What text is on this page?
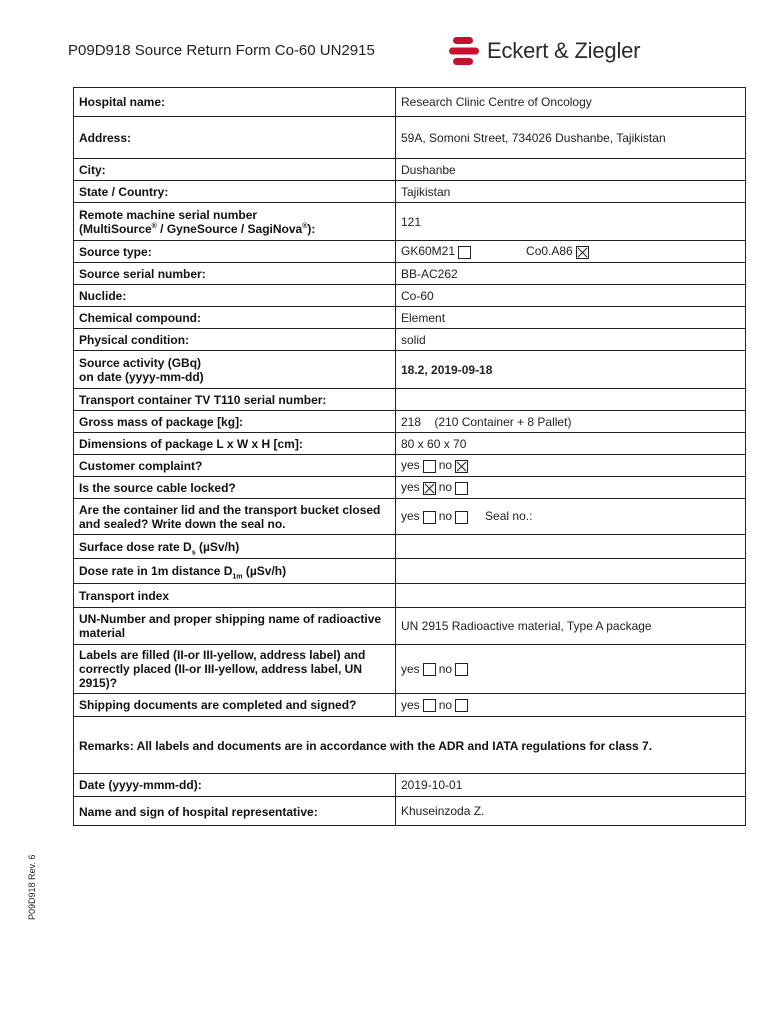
P09D918 Source Return Form Co-60 UN2915	Eckert & Ziegler
Hospital name:	Research Clinic Centre of Oncology
Address:	59A, Somoni Street, 734026 Dushanbe, Tajikistan
City:	Dushanbe
State / Country:	Tajikistan
Remote machine serial number
(MultiSource® / GyneSource / SagiNova®):	121
Source type:	GK60M21 Co0.A86
Source serial number:	BB-AC262
Nuclide:	Co-60
Chemical compound:	Element
Physical condition:	solid
Source activity (GBq)
on date (yyyy-mm-dd)	18.2, 2019-09-18
Transport container TV T110 serial number:	
Gross mass of package [kg]:	218    (210 Container + 8 Pallet)
Dimensions of package L x W x H [cm]:	80 x 60 x 70
Customer complaint?	yes no
Is the source cable locked?	yes no
Are the container lid and the transport bucket closed and sealed? Write down the seal no.	yes no Seal no.:
Surface dose rate $D_s$ (µSv/h)	
Dose rate in 1m distance $D_{1m}$ (µSv/h)	
Transport index	
UN-Number and proper shipping name of radioactive material	UN 2915 Radioactive material, Type A package
Labels are filled (II-or III-yellow, address label) and correctly placed (II-or III-yellow, address label, UN 2915)?	yes no
Shipping documents are completed and signed?	yes no
Remarks: All labels and documents are in accordance with the ADR and IATA regulations for class 7.	
Date (yyyy-mmm-dd):	2019-10-01
Name and sign of hospital representative:	Khuseinzoda Z.
P09D918 Rev. 6
